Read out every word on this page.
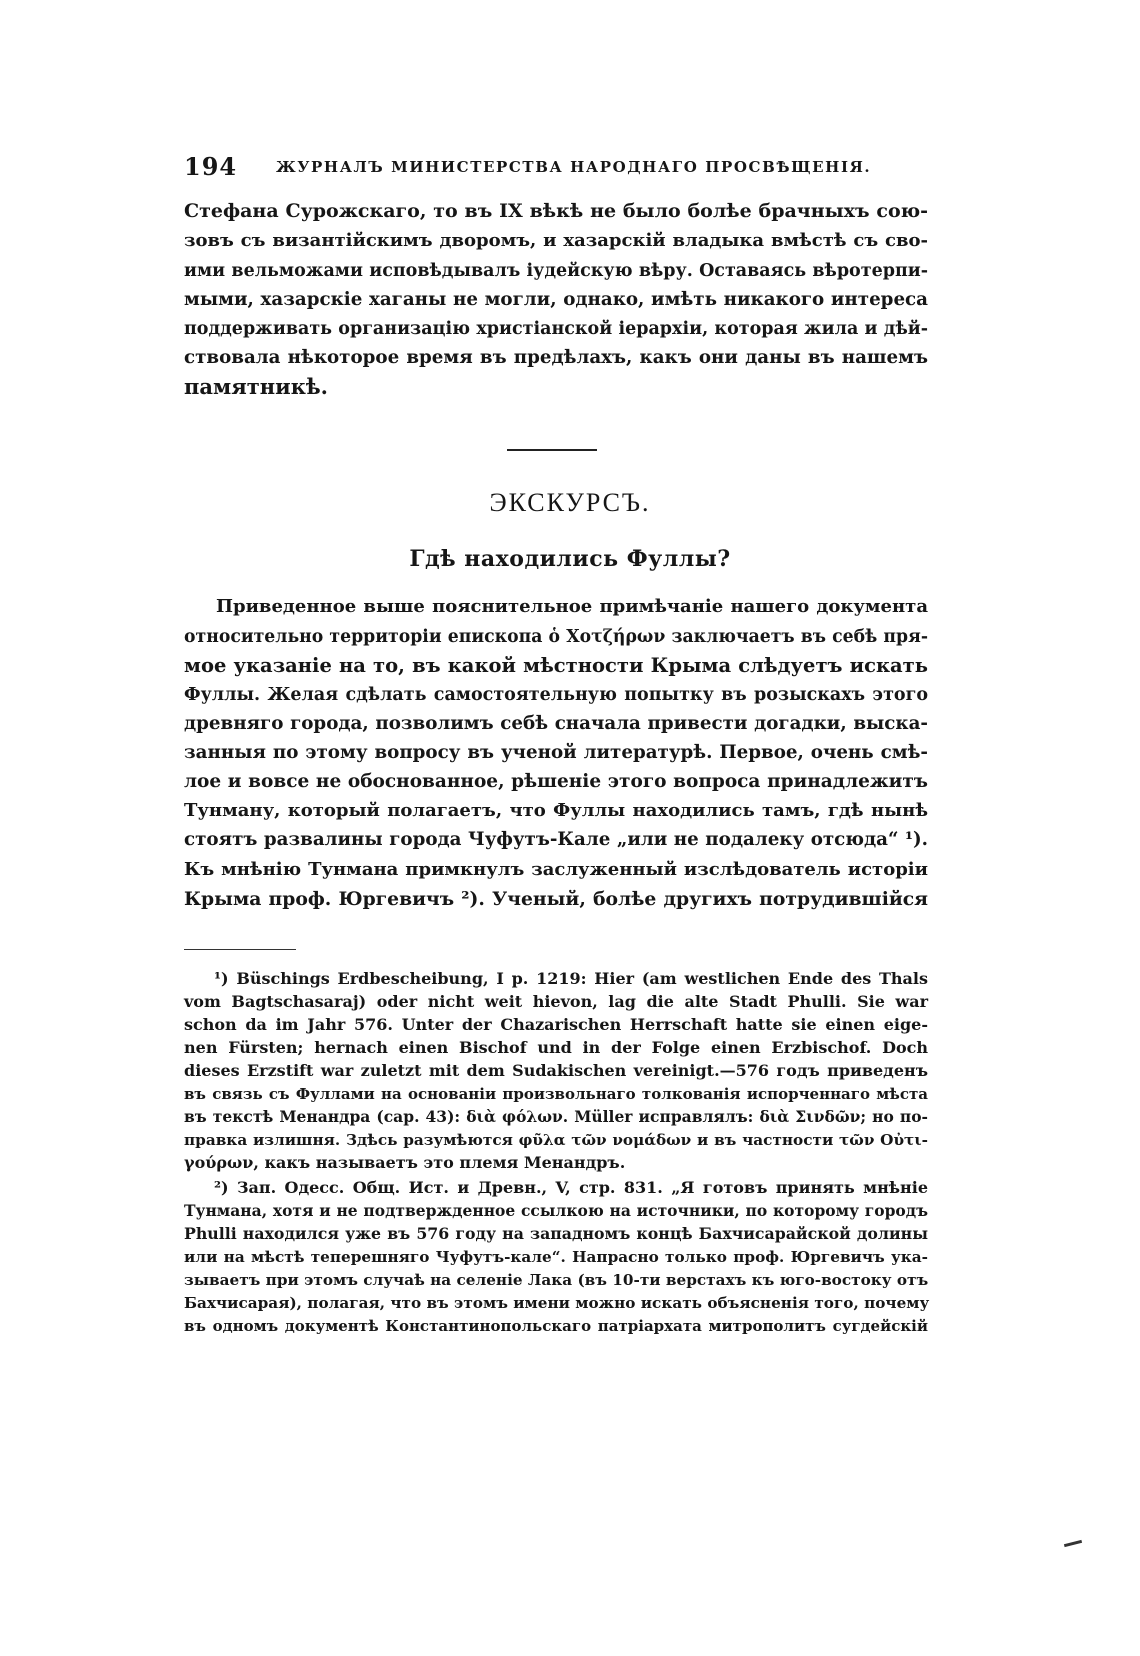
194	ЖУРНАЛЪ МИНИСТЕРСТВА НАРОДНАГО ПРОСВѢЩЕНІЯ.
Стефана Сурожскаго, то въ IX вѣкѣ не было болѣе брачныхъ сою-
зовъ съ византійскимъ дворомъ, и хазарскій владыка вмѣстѣ съ сво-
ими вельможами исповѣдывалъ іудейскую вѣру. Оставаясь вѣротерпи-
мыми, хазарскіе хаганы не могли, однако, имѣть никакого интереса
поддерживать организацію христіанской іерархіи, которая жила и дѣй-
ствовала нѣкоторое время въ предѣлахъ, какъ они даны въ нашемъ
памятникѣ.
ЭКСКУРСЪ.
Гдѣ находились Фуллы?
Приведенное выше пояснительное примѣчаніе нашего документа
относительно территоріи епископа ὁ Χοτζήρων заключаетъ въ себѣ пря-
мое указаніе на то, въ какой мѣстности Крыма слѣдуетъ искать
Фуллы. Желая сдѣлать самостоятельную попытку въ розыскахъ этого
древняго города, позволимъ себѣ сначала привести догадки, выска-
занныя по этому вопросу въ ученой литературѣ. Первое, очень смѣ-
лое и вовсе не обоснованное, рѣшеніе этого вопроса принадлежитъ
Тунману, который полагаетъ, что Фуллы находились тамъ, гдѣ нынѣ
стоятъ развалины города Чуфутъ-Кале „или не подалеку отсюда“ ¹).
Къ мнѣнію Тунмана примкнулъ заслуженный изслѣдователь исторіи
Крыма проф. Юргевичъ ²). Ученый, болѣе другихъ потрудившійся
¹) Büschings Erdbescheibung, I p. 1219: Hier (am westlichen Ende des Thals
vom Bagtschasaraj) oder nicht weit hievon, lag die alte Stadt Phulli. Sie war
schon da im Jahr 576. Unter der Chazarischen Herrschaft hatte sie einen eige-
nen Fürsten; hernach einen Bischof und in der Folge einen Erzbischof. Doch
dieses Erzstift war zuletzt mit dem Sudakischen vereinigt.—576 годъ приведенъ
въ связь съ Фуллами на основаніи произвольнаго толкованія испорченнаго мѣста
въ текстѣ Менандра (cap. 43): διὰ φόλων. Müller исправлялъ: διὰ Σινδῶν; но по-
правка излишня. Здѣсь разумѣются φῦλα τῶν νομάδων и въ частности τῶν Οὐτι-
γούρων, какъ называетъ это племя Менандръ.
²) Зап. Одесс. Общ. Ист. и Древн., V, стр. 831. „Я готовъ принять мнѣніе
Тунмана, хотя и не подтвержденное ссылкою на источники, по которому городъ
Phulli находился уже въ 576 году на западномъ концѣ Бахчисарайской долины
или на мѣстѣ теперешняго Чуфутъ-кале“. Напрасно только проф. Юргевичъ ука-
зываетъ при этомъ случаѣ на селеніе Лака (въ 10-ти верстахъ къ юго-востоку отъ
Бахчисарая), полагая, что въ этомъ имени можно искать объясненія того, почему
въ одномъ документѣ Константинопольскаго патріархата митрополитъ сугдейскій
